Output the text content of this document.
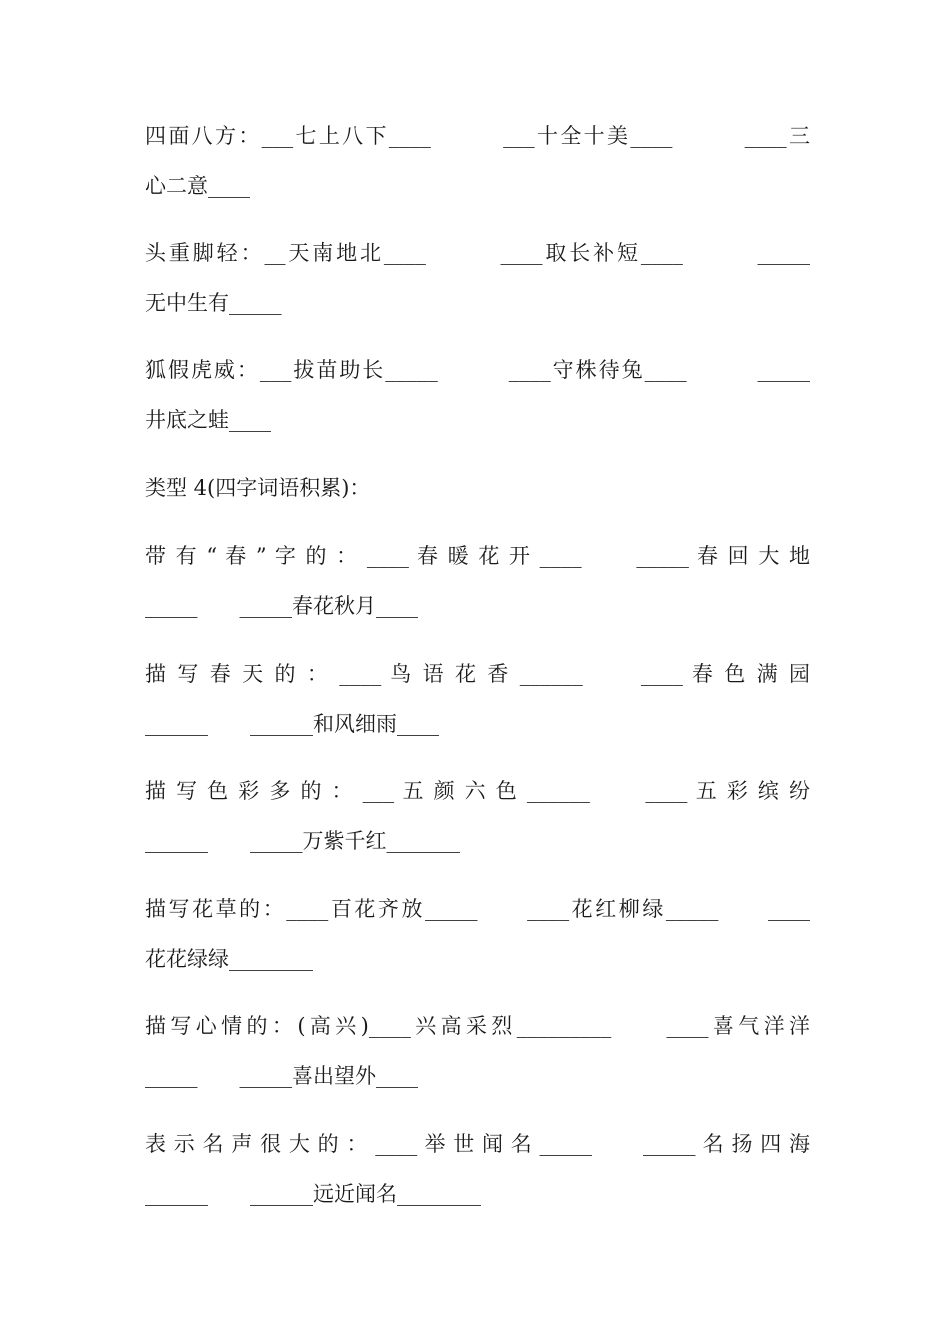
四面八方：___七上八下____　　　___十全十美____　　　____三
心二意____
头重脚轻：__天南地北____　　　____取长补短____　　　_____
无中生有_____
狐假虎威：___拔苗助长_____　　　____守株待兔____　　　_____
井底之蛙____
类型 4(四字词语积累)：
带 有 “ 春 ” 字 的 ： ____ 春 暖 花 开 ____　　 _____ 春 回 大 地
_____　　_____春花秋月____
描 写 春 天 的 ： ____ 鸟 语 花 香 ______　　 ____ 春 色 满 园
______　　______和风细雨____
描 写 色 彩 多 的 ： ___ 五 颜 六 色 ______　　 ____ 五 彩 缤 纷
______　　_____万紫千红_______
描写花草的：____百花齐放_____　　____花红柳绿_____　　____
花花绿绿________
描写心情的：(高兴)____兴高采烈_________　　____喜气洋洋
_____　　_____喜出望外____
表 示 名 声 很 大 的 ： ____ 举 世 闻 名 _____　　 _____ 名 扬 四 海
______　　______远近闻名________
